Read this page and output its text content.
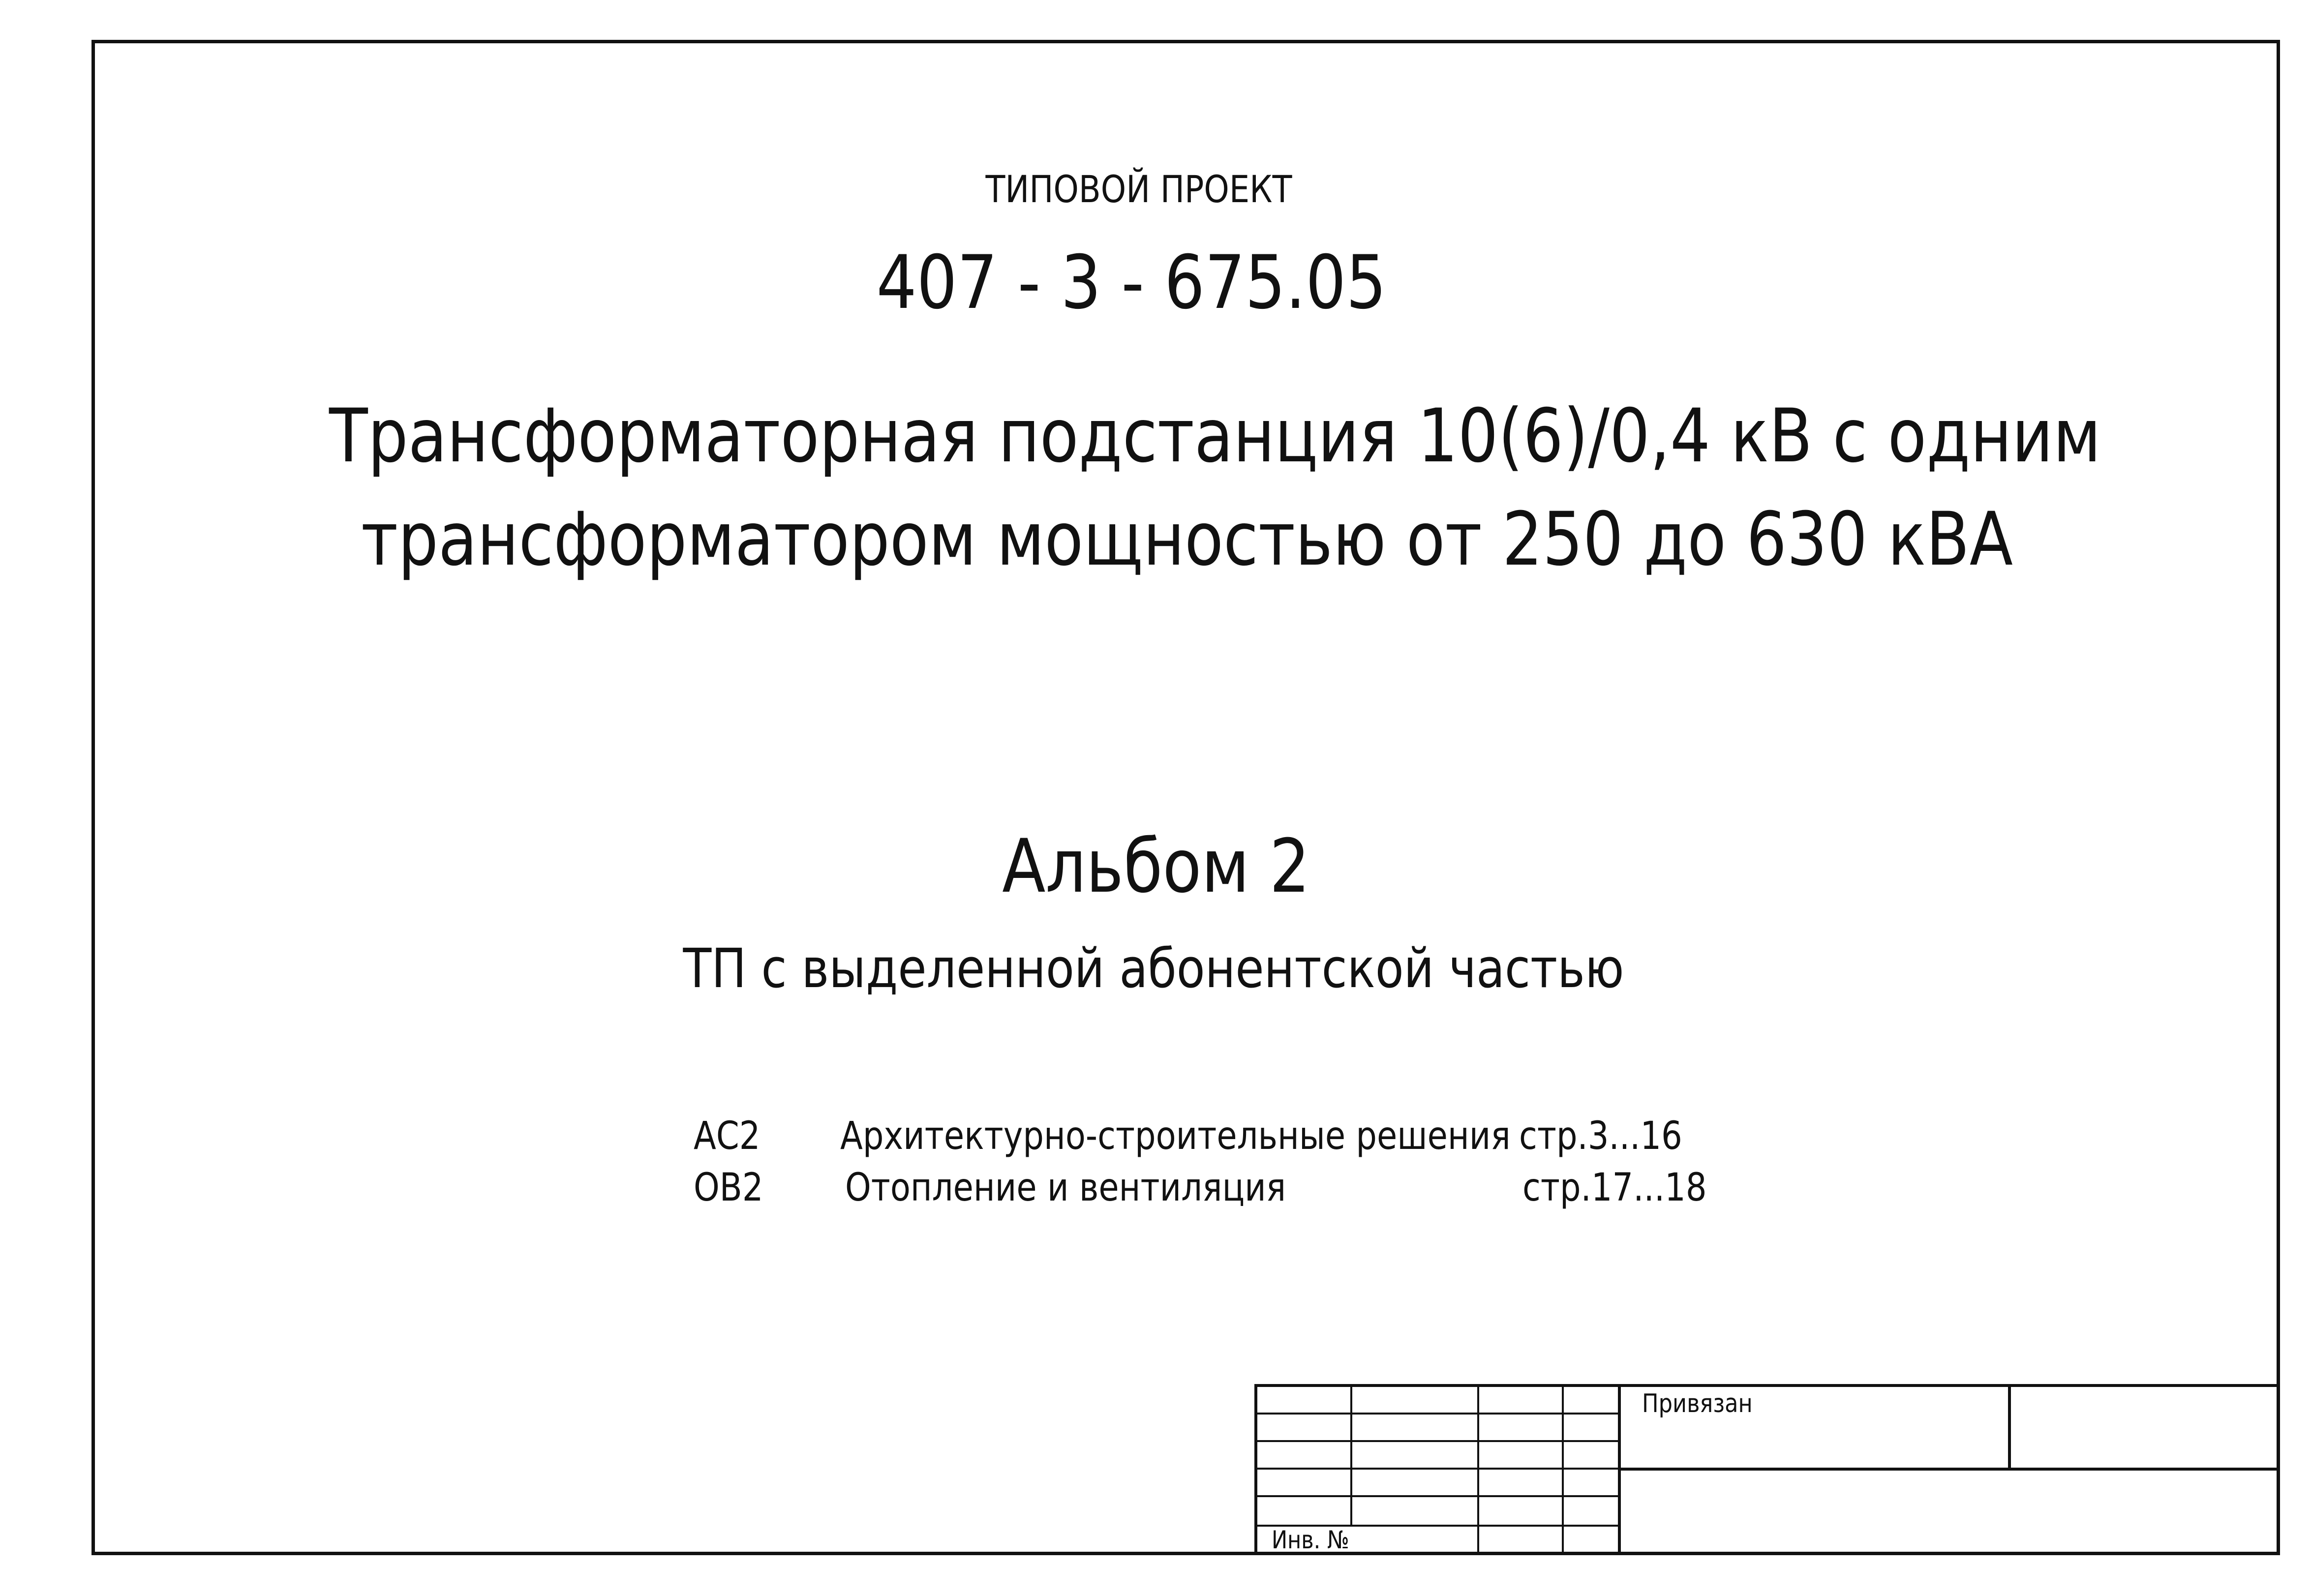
ТИПОВОЙ ПРОЕКТ
407 - 3 - 675.05
Трансформаторная подстанция 10(6)/0,4 кВ с одним
трансформатором мощностью от 250 до 630 кВА
Альбом 2
ТП с выделенной абонентской частью
АС2 Архитектурно-строительные решения стр.3...16
ОВ2 Отопление и вентиляция	стр.17...18
Привязан
Инв. №
